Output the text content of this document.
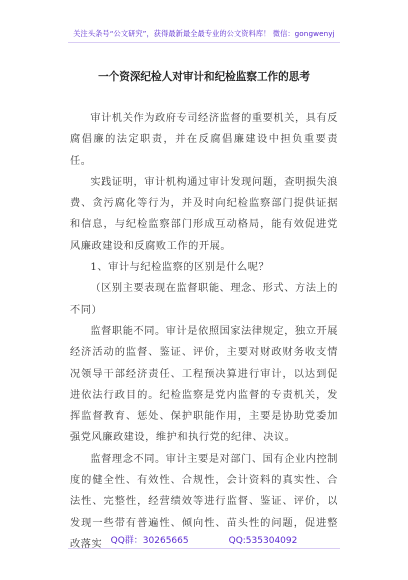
关注头条号“公文研究”，获得最新最全最专业的公文资料库！ 微信：gongwenyj
一个资深纪检人对审计和纪检监察工作的思考

审计机关作为政府专司经济监督的重要机关，具有反腐倡廉的法定职责，并在反腐倡廉建设中担负重要责任。

实践证明，审计机构通过审计发现问题，查明损失浪费、贪污腐化等行为，并及时向纪检监察部门提供证据和信息，与纪检监察部门形成互动格局，能有效促进党风廉政建设和反腐败工作的开展。

1、审计与纪检监察的区别是什么呢？

（区别主要表现在监督职能、理念、形式、方法上的不同）

监督职能不同。审计是依照国家法律规定，独立开展经济活动的监督、鉴证、评价，主要对财政财务收支情况领导干部经济责任、工程预决算进行审计，以达到促进依法行政目的。纪检监察是党内监督的专责机关，发挥监督教育、惩处、保护职能作用，主要是协助党委加强党风廉政建设，维护和执行党的纪律、决议。

监督理念不同。审计主要是对部门、国有企业内控制度的健全性、有效性、合规性，会计资料的真实性、合法性、完整性，经营绩效等进行监督、鉴证、评价，以发现一些带有普遍性、倾向性、苗头性的问题，促进整改落实 QQ群：30265665	QQ:535304092
